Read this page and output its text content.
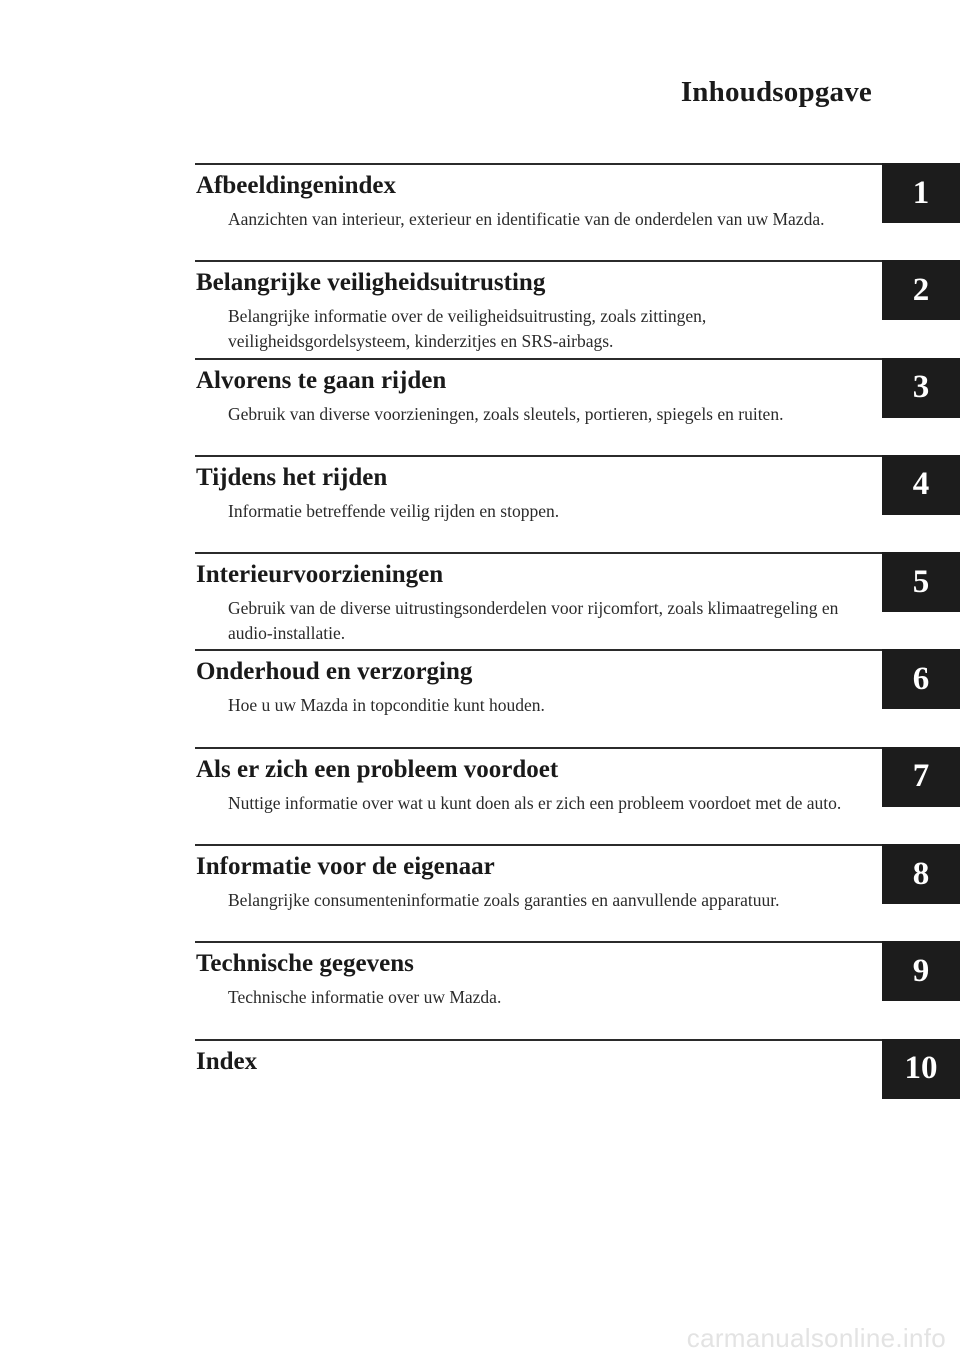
Inhoudsopgave
Afbeeldingenindex
Aanzichten van interieur, exterieur en identificatie van de onderdelen van uw Mazda.
1
Belangrijke veiligheidsuitrusting
Belangrijke informatie over de veiligheidsuitrusting, zoals zittingen, veiligheidsgordelsysteem, kinderzitjes en SRS-airbags.
2
Alvorens te gaan rijden
Gebruik van diverse voorzieningen, zoals sleutels, portieren, spiegels en ruiten.
3
Tijdens het rijden
Informatie betreffende veilig rijden en stoppen.
4
Interieurvoorzieningen
Gebruik van de diverse uitrustingsonderdelen voor rijcomfort, zoals klimaatregeling en audio-installatie.
5
Onderhoud en verzorging
Hoe u uw Mazda in topconditie kunt houden.
6
Als er zich een probleem voordoet
Nuttige informatie over wat u kunt doen als er zich een probleem voordoet met de auto.
7
Informatie voor de eigenaar
Belangrijke consumenteninformatie zoals garanties en aanvullende apparatuur.
8
Technische gegevens
Technische informatie over uw Mazda.
9
Index	10
carmanualsonline.info
